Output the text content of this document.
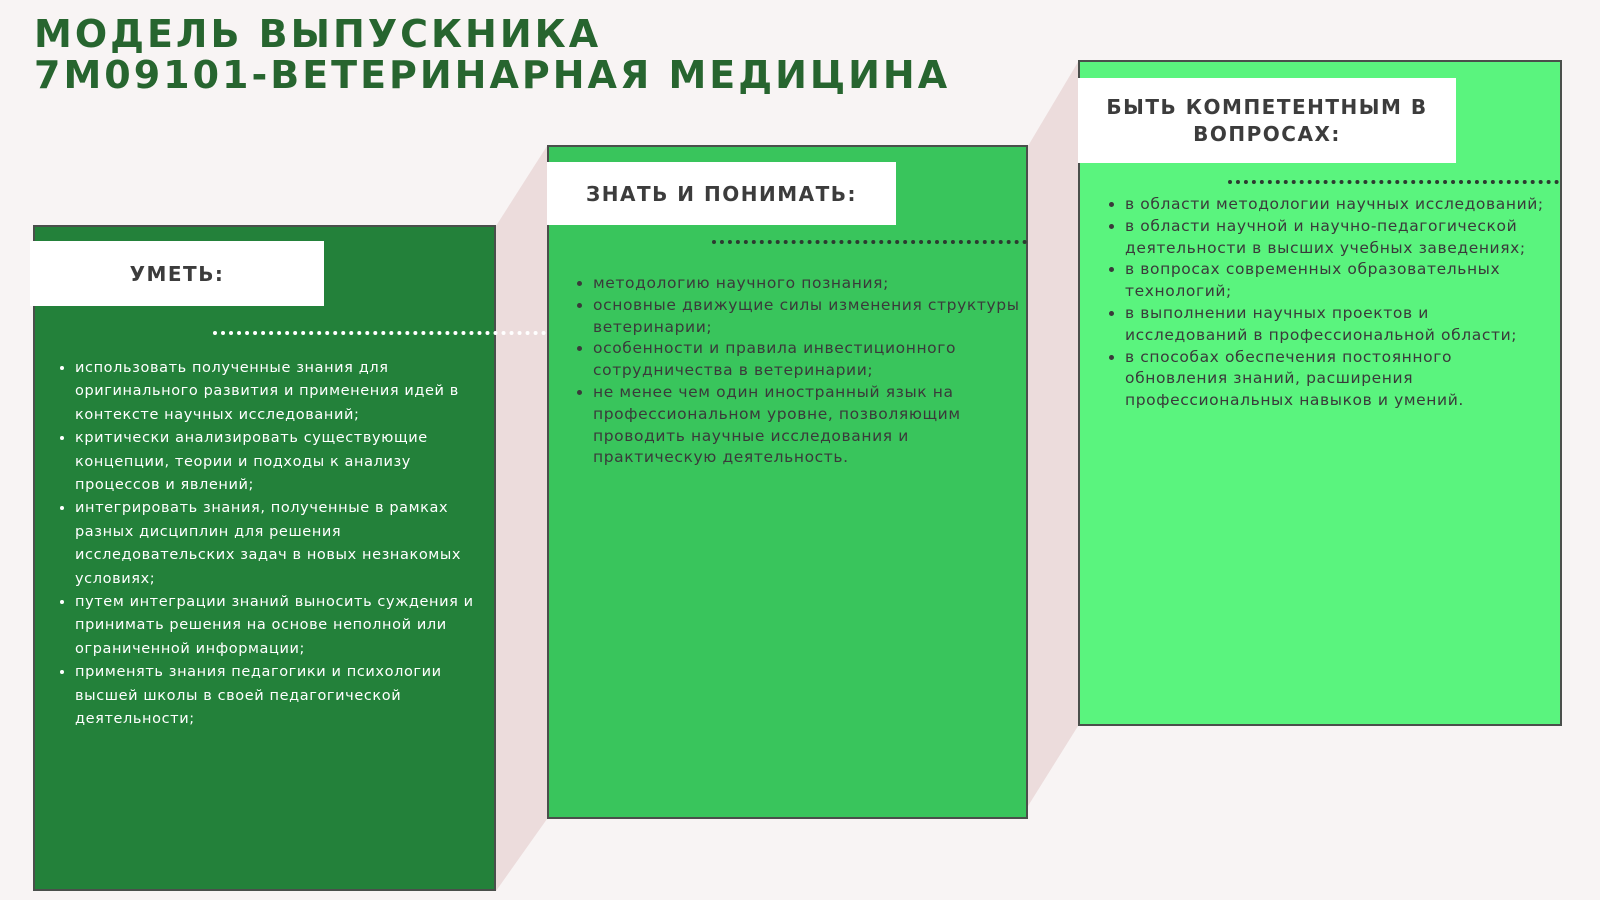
МОДЕЛЬ ВЫПУСКНИКА
7М09101-ВЕТЕРИНАРНАЯ МЕДИЦИНА
УМЕТЬ:
ЗНАТЬ И ПОНИМАТЬ:
БЫТЬ КОМПЕТЕНТНЫМ В ВОПРОСАХ:
• использовать полученные знания для оригинального развития и применения идей в контексте научных исследований;
• критически анализировать существующие концепции, теории и подходы к анализу процессов и явлений;
• интегрировать знания, полученные в рамках разных дисциплин для решения исследовательских задач в новых незнакомых условиях;
• путем интеграции знаний выносить суждения и принимать решения на основе неполной или ограниченной информации;
• применять знания педагогики и психологии высшей школы в своей педагогической деятельности;
• методологию научного познания;
• основные движущие силы изменения структуры ветеринарии;
• особенности и правила инвестиционного сотрудничества в ветеринарии;
• не менее чем один иностранный язык на профессиональном уровне, позволяющим проводить научные исследования и практическую деятельность.
• в области методологии научных исследований;
• в области научной и научно-педагогической деятельности в высших учебных заведениях;
• в вопросах современных образовательных технологий;
• в выполнении научных проектов и исследований в профессиональной области;
• в способах обеспечения постоянного обновления знаний, расширения профессиональных навыков и умений.
